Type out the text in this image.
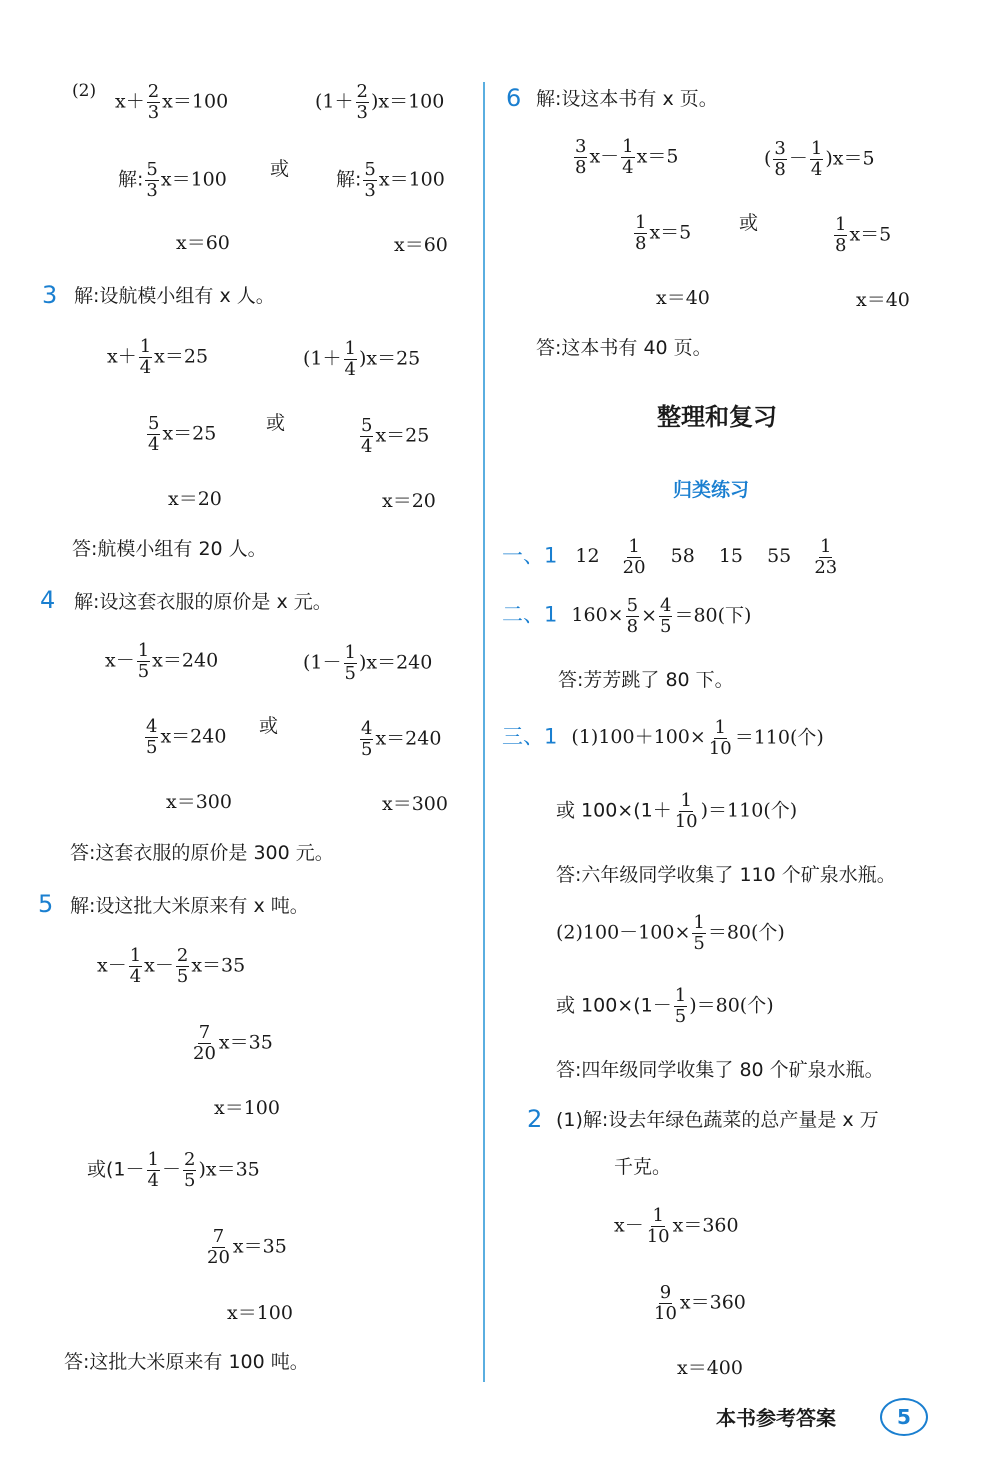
(2) $x+ \frac{2}{3} x=100$	$(1+ \frac{2}{3} )x=100$
解: $\frac{5}{3} x=100$ 或 解: $\frac{5}{3} x=100$
x＝60	x＝60
3 解:设航模小组有 x 人。
$x+ \frac{1}{4} x=25$	$(1+ \frac{1}{4} )x=25$
$\frac{5}{4} x=25$	或	$\frac{5}{4} x=25$
x＝20	x＝20
答:航模小组有 20 人。
4 解:设这套衣服的原价是 x 元。
$x- \frac{1}{5} x=240$	$(1- \frac{1}{5} )x=240$
$\frac{4}{5} x=240$ 或	$\frac{4}{5} x=240$
x＝300	x＝300
答:这套衣服的原价是 300 元。
5 解:设这批大米原来有 x 吨。
$x- \frac{1}{4} x- \frac{2}{5} x=35$
$\frac{7}{20} x=35$
x＝100
或$(1- \frac{1}{4} - \frac{2}{5} )x=35$
$\frac{7}{20} x=35$
x＝100
答:这批大米原来有 100 吨。
6 解:设这本书有 x 页。
$\frac{3}{8} x- \frac{1}{4} x=5$	( $\frac{3}{8} - \frac{1}{4} )x=5$
$\frac{1}{8} x=5$	或	$\frac{1}{8} x=5$
x＝40	x＝40
答:这本书有 40 页。
整理和复习
归类练习
一、1 $12 \frac{1}{20} 58$ 15 $55 \frac{1}{23}$
二、1 $160\times \frac{5}{8} \times \frac{4}{5} =80$(下)
答:芳芳跳了 80 下。
三、1 $(1)100+100\times \frac{1}{10} =110$(个)
或 $100\times(1+ \frac{1}{10} )=110$(个)
答:六年级同学收集了 110 个矿泉水瓶。
$(2)100-100\times \frac{1}{5} =80$(个)
或 $100\times(1- \frac{1}{5} )=80$(个)
答:四年级同学收集了 80 个矿泉水瓶。
2 (1)解:设去年绿色蔬菜的总产量是 x 万
千克。
$x- \frac{1}{10} x=360$
$\frac{9}{10} x=360$
x＝400
本书参考答案	5
